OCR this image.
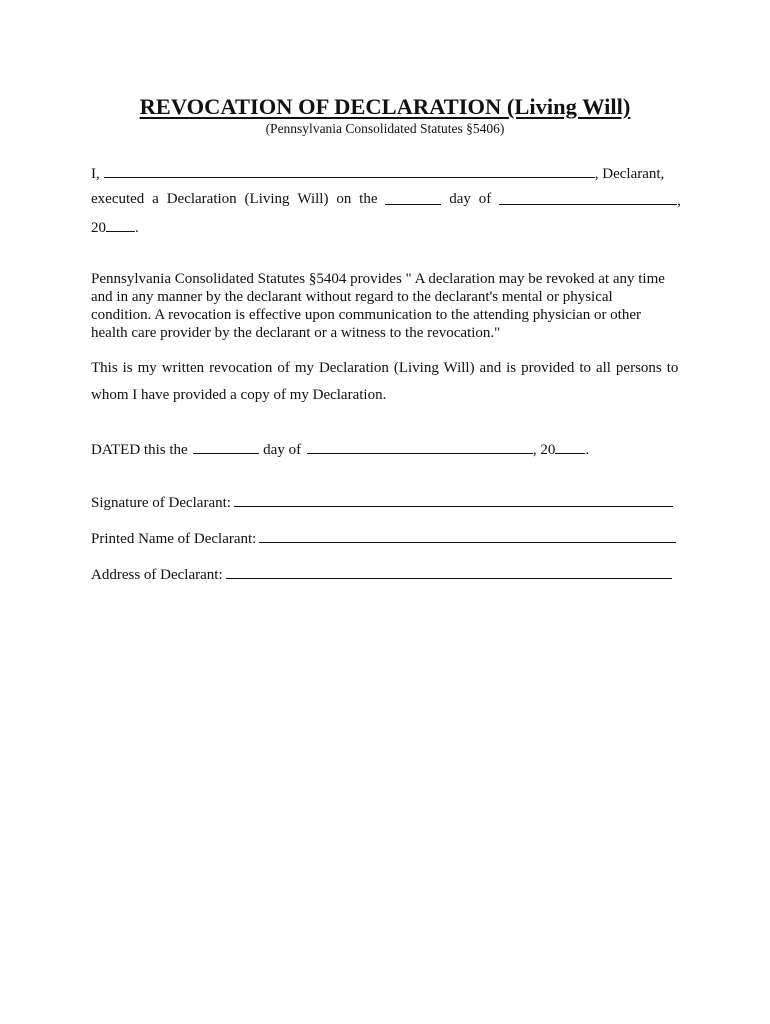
REVOCATION OF DECLARATION (Living Will)
(Pennsylvania Consolidated Statutes §5406)
I,	, Declarant,
executed a Declaration (Living Will) on the	day of	,
20 .
Pennsylvania Consolidated Statutes §5404 provides " A declaration may be revoked at any time
and in any manner by the declarant without regard to the declarant's mental or physical
condition. A revocation is effective upon communication to the attending physician or other
health care provider by the declarant or a witness to the revocation."
This is my written revocation of my Declaration (Living Will) and is provided to all persons to
whom I have provided a copy of my Declaration.
DATED this the	day of	, 20 .
Signature of Declarant:
Printed Name of Declarant:
Address of Declarant:
